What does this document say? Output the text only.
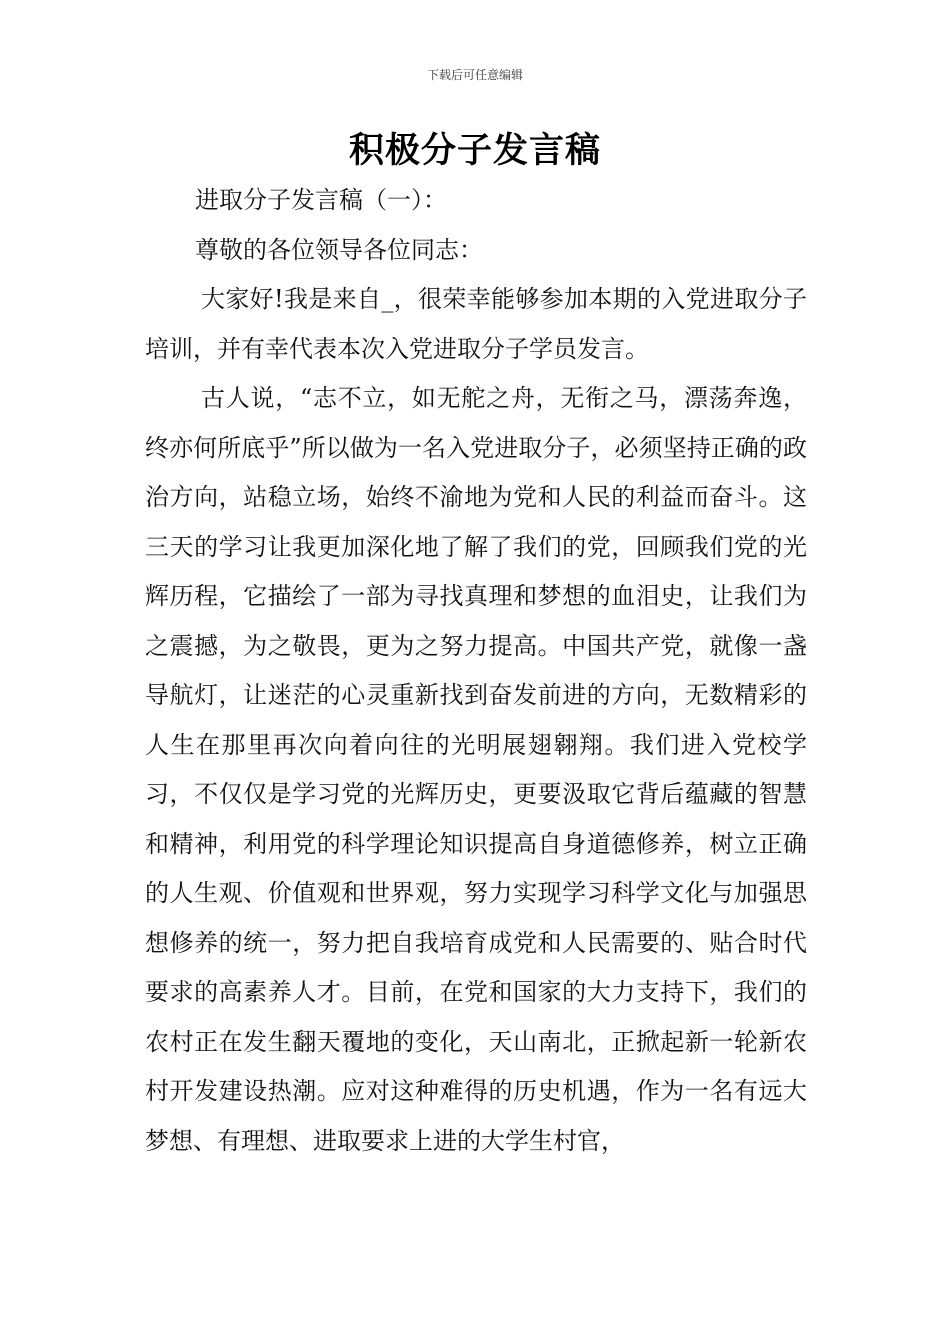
下载后可任意编辑
积极分子发言稿

进取分子发言稿（一）：

尊敬的各位领导各位同志：

大家好!我是来自_，很荣幸能够参加本期的入党进取分子培训，并有幸代表本次入党进取分子学员发言。

古人说，“志不立，如无舵之舟，无衔之马，漂荡奔逸，终亦何所底乎”所以做为一名入党进取分子，必须坚持正确的政治方向，站稳立场，始终不渝地为党和人民的利益而奋斗。这三天的学习让我更加深化地了解了我们的党，回顾我们党的光辉历程，它描绘了一部为寻找真理和梦想的血泪史，让我们为之震撼，为之敬畏，更为之努力提高。中国共产党，就像一盏导航灯，让迷茫的心灵重新找到奋发前进的方向，无数精彩的人生在那里再次向着向往的光明展翅翱翔。我们进入党校学习，不仅仅是学习党的光辉历史，更要汲取它背后蕴藏的智慧和精神，利用党的科学理论知识提高自身道德修养，树立正确的人生观、价值观和世界观，努力实现学习科学文化与加强思想修养的统一，努力把自我培育成党和人民需要的、贴合时代要求的高素养人才。目前，在党和国家的大力支持下，我们的农村正在发生翻天覆地的变化，天山南北，正掀起新一轮新农村开发建设热潮。应对这种难得的历史机遇，作为一名有远大梦想、有理想、进取要求上进的大学生村官，
